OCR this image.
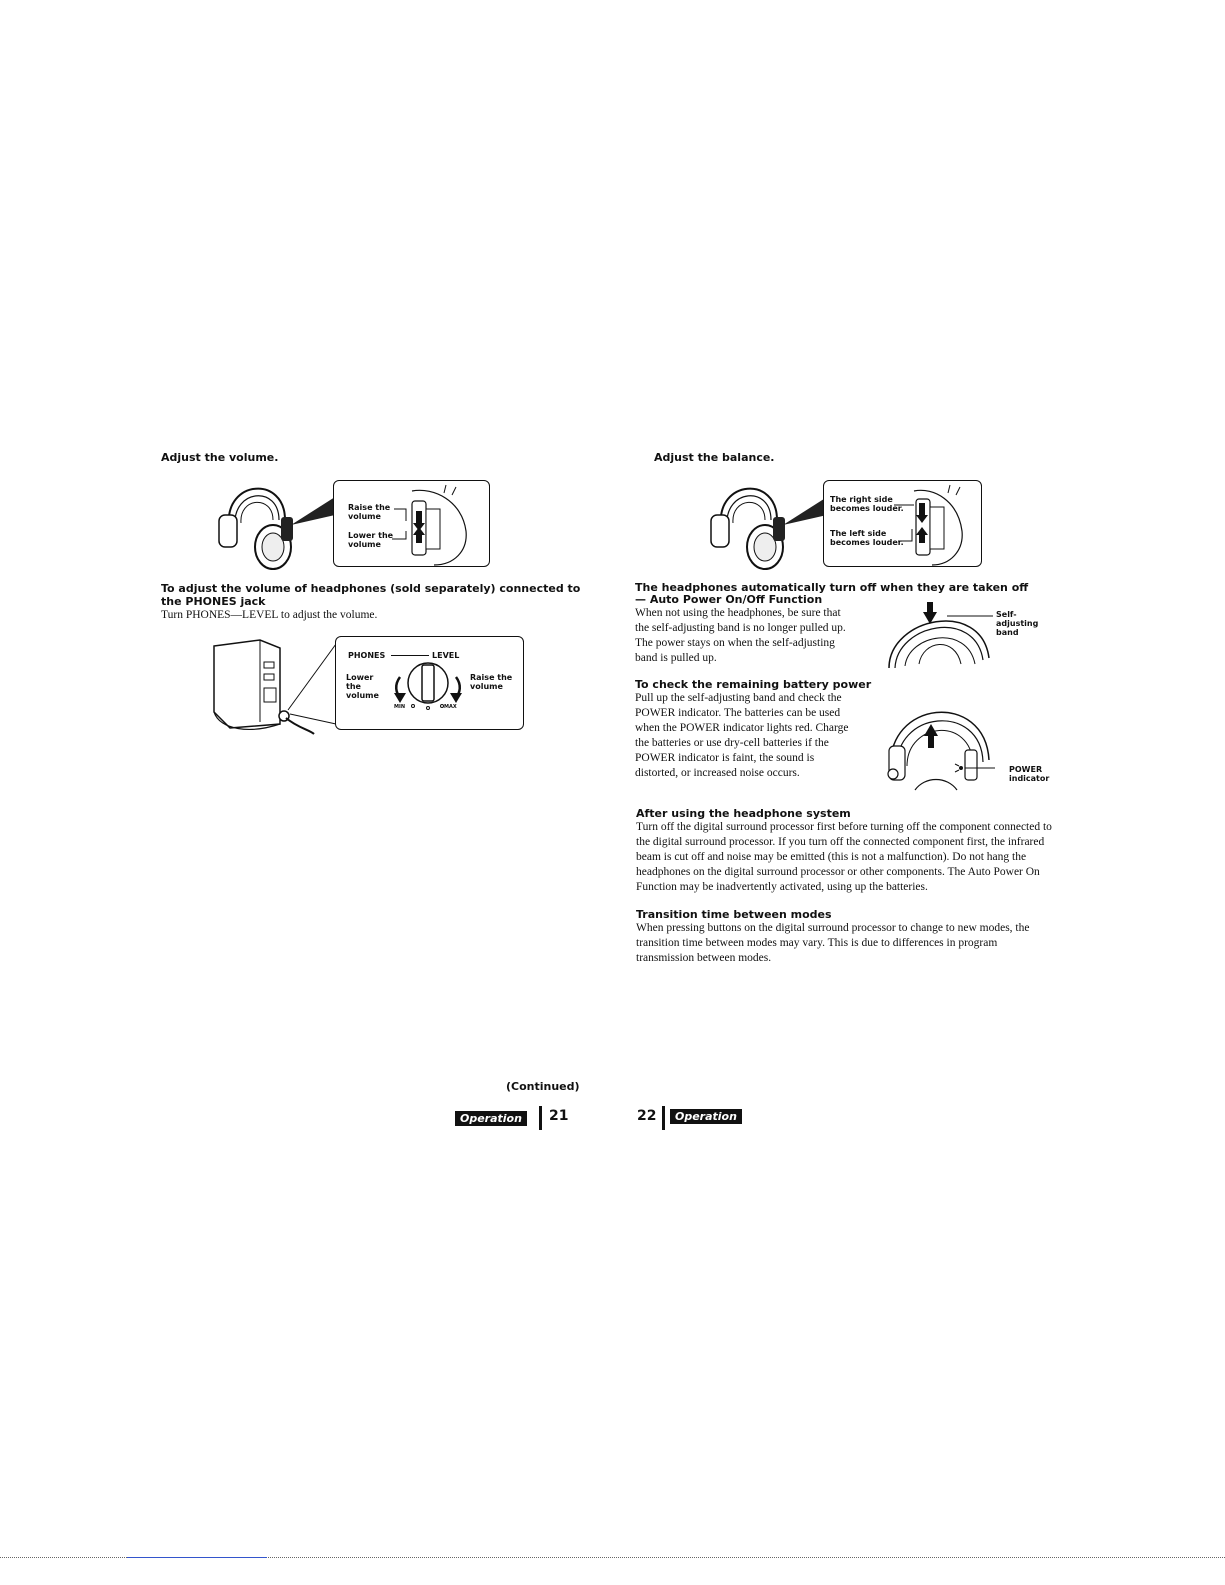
Adjust the volume.
Raise the volume
Lower the volume
To adjust the volume of headphones (sold separately) connected to the PHONES jack
Turn PHONES—LEVEL to adjust the volume.
PHONES	LEVEL
Lower the volume
Raise the volume
MIN	MAX
(Continued)
Operation	21
Adjust the balance.
The right side becomes louder.
The left side becomes louder.
The headphones automatically turn off when they are taken off
— Auto Power On/Off Function
When not using the headphones, be sure that the self-adjusting band is no longer pulled up. The power stays on when the self-adjusting band is pulled up.
Self-adjusting band
To check the remaining battery power
Pull up the self-adjusting band and check the POWER indicator. The batteries can be used when the POWER indicator lights red. Charge the batteries or use dry-cell batteries if the POWER indicator is faint, the sound is distorted, or increased noise occurs.	POWER indicator
After using the headphone system
Turn off the digital surround processor first before turning off the component connected to the digital surround processor. If you turn off the connected component first, the infrared beam is cut off and noise may be emitted (this is not a malfunction). Do not hang the headphones on the digital surround processor or other components. The Auto Power On Function may be inadvertently activated, using up the batteries.
Transition time between modes
When pressing buttons on the digital surround processor to change to new modes, the transition time between modes may vary. This is due to differences in program transmission between modes.
22	Operation
